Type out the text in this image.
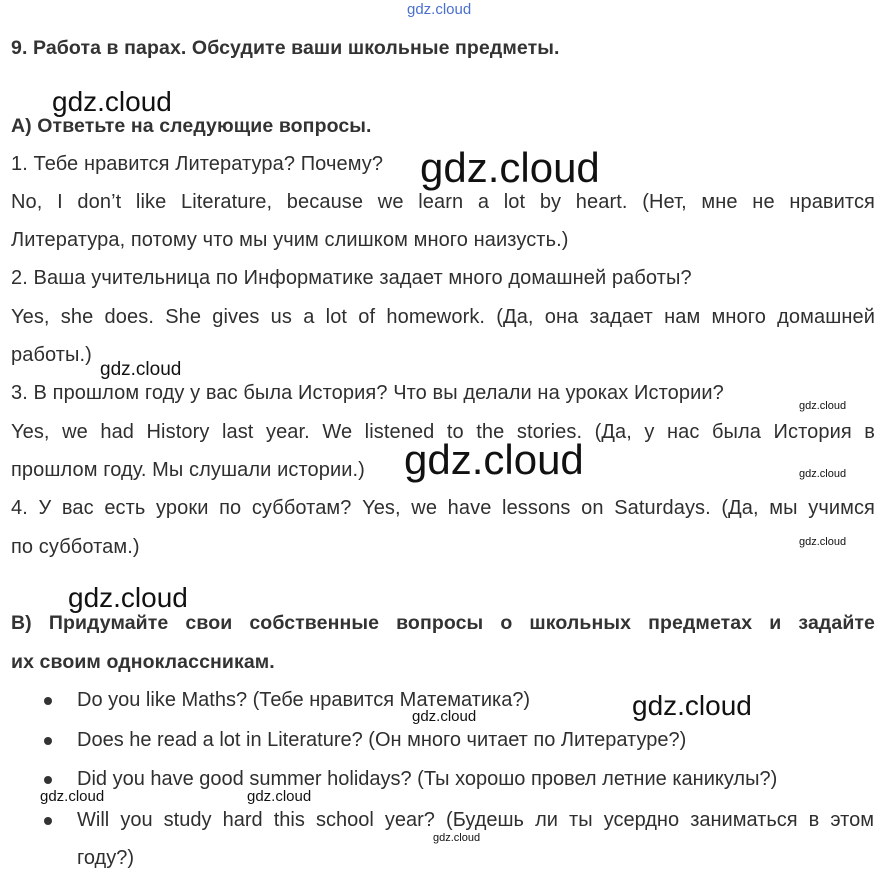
gdz.cloud
9. Работа в парах. Обсудите ваши школьные предметы.
gdz.cloud
A) Ответьте на следующие вопросы.
1. Тебе нравится Литература? Почему? gdz.cloud
No, I don’t like Literature, because we learn a lot by heart. (Нет, мне не нравится
Литература, потому что мы учим слишком много наизусть.)
2. Ваша учительница по Информатике задает много домашней работы?
Yes, she does. She gives us a lot of homework. (Да, она задает нам много домашней
работы.)
gdz.cloud
3. В прошлом году у вас была История? Что вы делали на уроках Истории?
gdz.cloud
Yes, we had History last year. We listened to the stories. (Да, у нас была История в
прошлом году. Мы слушали истории.) gdz.cloud	gdz.cloud
4. У вас есть уроки по субботам? Yes, we have lessons on Saturdays. (Да, мы учимся
по субботам.)	gdz.cloud
gdz.cloud
B) Придумайте свои собственные вопросы о школьных предметах и задайте
их своим одноклассникам.
Do you like Maths? (Тебе нравится Математика?)	gdz.cloud
gdz.cloud
Does he read a lot in Literature? (Он много читает по Литературе?)
Did you have good summer holidays? (Ты хорошо провел летние каникулы?)
gdz.cloud	gdz.cloud
Will you study hard this school year? (Будешь ли ты усердно заниматься в этом
gdz.cloud
году?)
